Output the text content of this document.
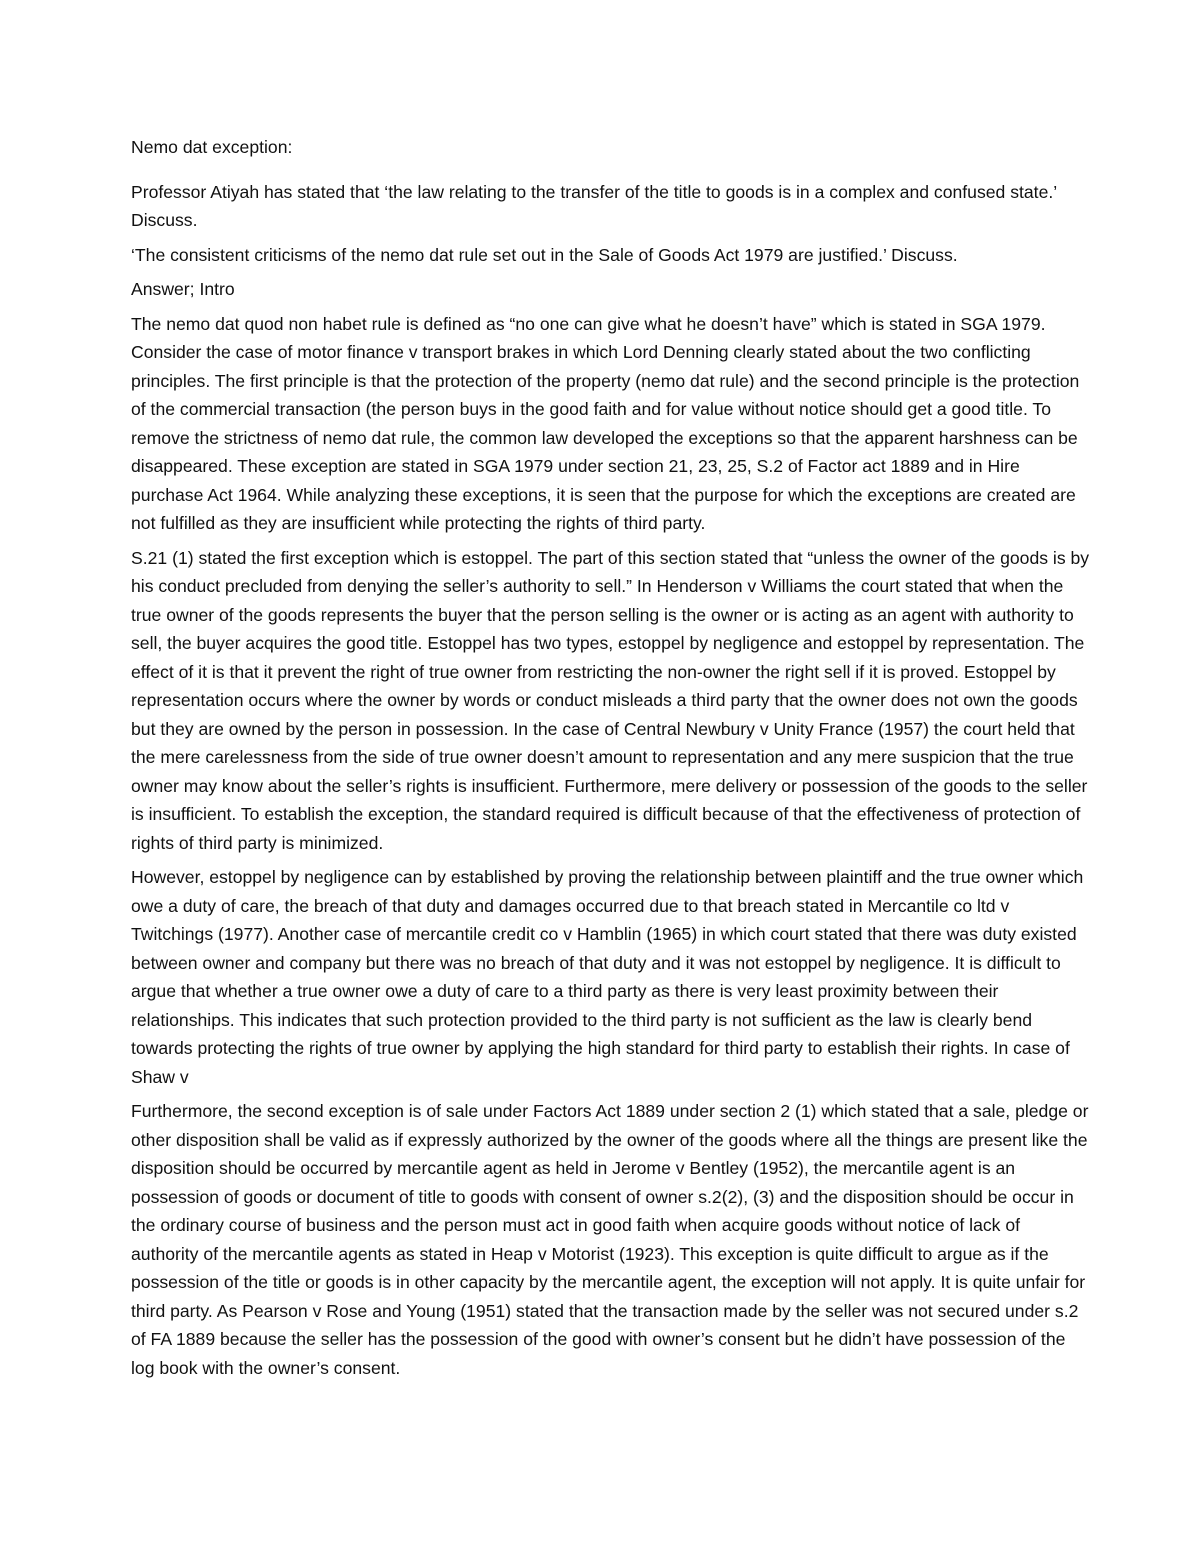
Nemo dat exception:

Professor Atiyah has stated that ‘the law relating to the transfer of the title to goods is in a complex and confused state.’ Discuss.

‘The consistent criticisms of the nemo dat rule set out in the Sale of Goods Act 1979 are justified.’ Discuss.

Answer; Intro

The nemo dat quod non habet rule is defined as “no one can give what he doesn’t have” which is stated in SGA 1979. Consider the case of motor finance v transport brakes in which Lord Denning clearly stated about the two conflicting principles. The first principle is that the protection of the property (nemo dat rule) and the second principle is the protection of the commercial transaction (the person buys in the good faith and for value without notice should get a good title. To remove the strictness of nemo dat rule, the common law developed the exceptions so that the apparent harshness can be disappeared. These exception are stated in SGA 1979 under section 21, 23, 25, S.2 of Factor act 1889 and in Hire purchase Act 1964. While analyzing these exceptions, it is seen that the purpose for which the exceptions are created are not fulfilled as they are insufficient while protecting the rights of third party.

S.21 (1) stated the first exception which is estoppel. The part of this section stated that “unless the owner of the goods is by his conduct precluded from denying the seller’s authority to sell.” In Henderson v Williams the court stated that when the true owner of the goods represents the buyer that the person selling is the owner or is acting as an agent with authority to sell, the buyer acquires the good title. Estoppel has two types, estoppel by negligence and estoppel by representation. The effect of it is that it prevent the right of true owner from restricting the non-owner the right sell if it is proved. Estoppel by representation occurs where the owner by words or conduct misleads a third party that the owner does not own the goods but they are owned by the person in possession. In the case of Central Newbury v Unity France (1957) the court held that the mere carelessness from the side of true owner doesn’t amount to representation and any mere suspicion that the true owner may know about the seller’s rights is insufficient. Furthermore, mere delivery or possession of the goods to the seller is insufficient. To establish the exception, the standard required is difficult because of that the effectiveness of protection of rights of third party is minimized.

However, estoppel by negligence can by established by proving the relationship between plaintiff and the true owner which owe a duty of care, the breach of that duty and damages occurred due to that breach stated in Mercantile co ltd v Twitchings (1977). Another case of mercantile credit co v Hamblin (1965) in which court stated that there was duty existed between owner and company but there was no breach of that duty and it was not estoppel by negligence. It is difficult to argue that whether a true owner owe a duty of care to a third party as there is very least proximity between their relationships. This indicates that such protection provided to the third party is not sufficient as the law is clearly bend towards protecting the rights of true owner by applying the high standard for third party to establish their rights. In case of Shaw v

Furthermore, the second exception is of sale under Factors Act 1889 under section 2 (1) which stated that a sale, pledge or other disposition shall be valid as if expressly authorized by the owner of the goods where all the things are present like the disposition should be occurred by mercantile agent as held in Jerome v Bentley (1952), the mercantile agent is an possession of goods or document of title to goods with consent of owner s.2(2), (3) and the disposition should be occur in the ordinary course of business and the person must act in good faith when acquire goods without notice of lack of authority of the mercantile agents as stated in Heap v Motorist (1923). This exception is quite difficult to argue as if the possession of the title or goods is in other capacity by the mercantile agent, the exception will not apply. It is quite unfair for third party. As Pearson v Rose and Young (1951) stated that the transaction made by the seller was not secured under s.2 of FA 1889 because the seller has the possession of the good with owner’s consent but he didn’t have possession of the log book with the owner’s consent.
